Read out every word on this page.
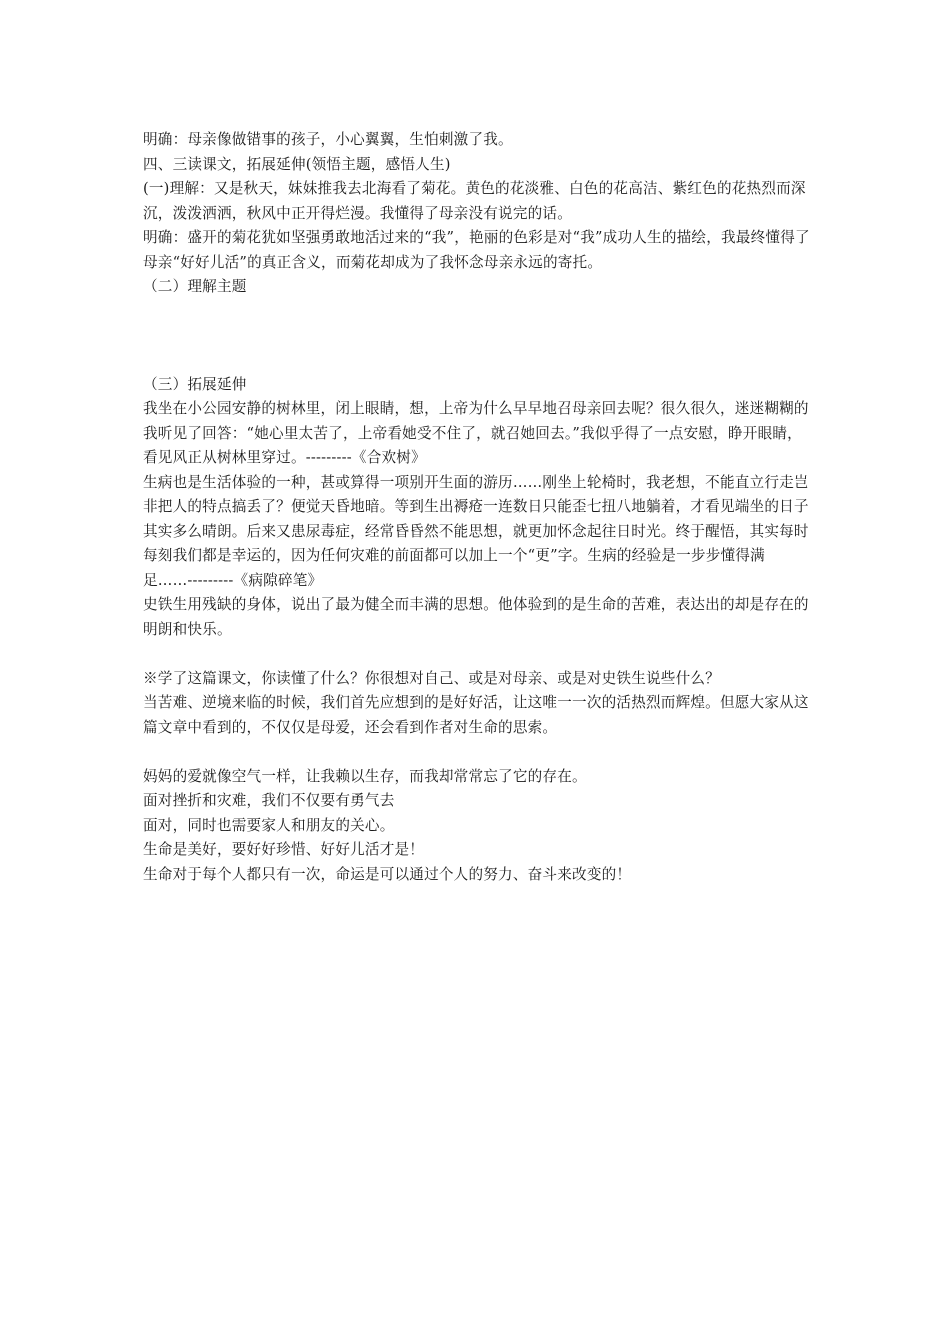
明确：母亲像做错事的孩子，小心翼翼，生怕刺激了我。

四、三读课文，拓展延伸(领悟主题，感悟人生)

(一)理解：又是秋天，妹妹推我去北海看了菊花。黄色的花淡雅、白色的花高洁、紫红色的花热烈而深沉，泼泼洒洒，秋风中正开得烂漫。我懂得了母亲没有说完的话。

明确：盛开的菊花犹如坚强勇敢地活过来的“我”，艳丽的色彩是对“我”成功人生的描绘，我最终懂得了母亲“好好儿活”的真正含义，而菊花却成为了我怀念母亲永远的寄托。

（二）理解主题

（三）拓展延伸

我坐在小公园安静的树林里，闭上眼睛，想，上帝为什么早早地召母亲回去呢？很久很久，迷迷糊糊的我听见了回答：“她心里太苦了，上帝看她受不住了，就召她回去。”我似乎得了一点安慰，睁开眼睛，看见风正从树林里穿过。---------《合欢树》

生病也是生活体验的一种，甚或算得一项别开生面的游历……刚坐上轮椅时，我老想，不能直立行走岂非把人的特点搞丢了？便觉天昏地暗。等到生出褥疮一连数日只能歪七扭八地躺着，才看见端坐的日子其实多么晴朗。后来又患尿毒症，经常昏昏然不能思想，就更加怀念起往日时光。终于醒悟，其实每时每刻我们都是幸运的，因为任何灾难的前面都可以加上一个“更”字。生病的经验是一步步懂得满足……---------《病隙碎笔》

史铁生用残缺的身体，说出了最为健全而丰满的思想。他体验到的是生命的苦难，表达出的却是存在的明朗和快乐。

※学了这篇课文，你读懂了什么？你很想对自己、或是对母亲、或是对史铁生说些什么？

当苦难、逆境来临的时候，我们首先应想到的是好好活，让这唯一一次的活热烈而辉煌。但愿大家从这篇文章中看到的，不仅仅是母爱，还会看到作者对生命的思索。

妈妈的爱就像空气一样，让我赖以生存，而我却常常忘了它的存在。

面对挫折和灾难，我们不仅要有勇气去

面对，同时也需要家人和朋友的关心。

生命是美好，要好好珍惜、好好儿活才是！

生命对于每个人都只有一次，命运是可以通过个人的努力、奋斗来改变的！
